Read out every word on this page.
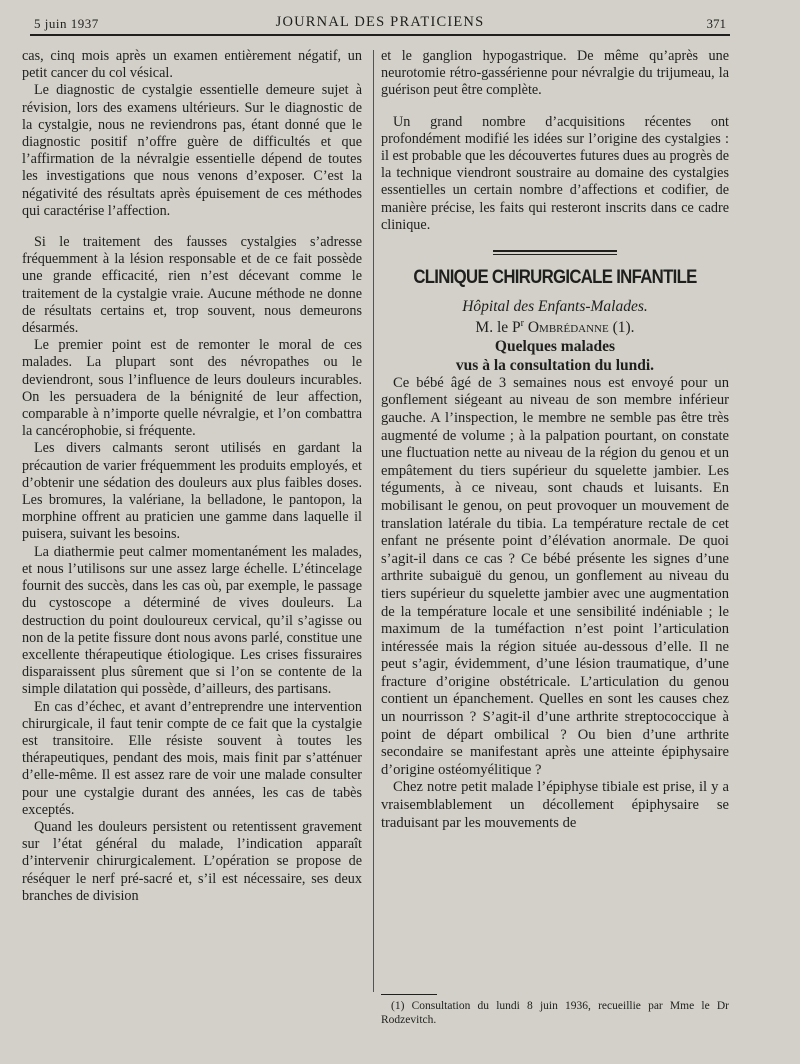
5 juin 1937	JOURNAL DES PRATICIENS	371

cas, cinq mois après un examen entièrement négatif, un petit cancer du col vésical.

Le diagnostic de cystalgie essentielle demeure sujet à révision, lors des examens ultérieurs. Sur le diagnostic de la cystalgie, nous ne reviendrons pas, étant donné que le diagnostic positif n’offre guère de difficultés et que l’affirmation de la névralgie essentielle dépend de toutes les investigations que nous venons d’exposer. C’est la négativité des résultats après épuisement de ces méthodes qui caractérise l’affection.

Si le traitement des fausses cystalgies s’adresse fréquemment à la lésion responsable et de ce fait possède une grande efficacité, rien n’est décevant comme le traitement de la cystalgie vraie. Aucune méthode ne donne de résultats certains et, trop souvent, nous demeurons désarmés.

Le premier point est de remonter le moral de ces malades. La plupart sont des névropathes ou le deviendront, sous l’influence de leurs douleurs incurables. On les persuadera de la bénignité de leur affection, comparable à n’importe quelle névralgie, et l’on combattra la cancérophobie, si fréquente.

Les divers calmants seront utilisés en gardant la précaution de varier fréquemment les produits employés, et d’obtenir une sédation des douleurs aux plus faibles doses. Les bromures, la valériane, la belladone, le pantopon, la morphine offrent au praticien une gamme dans laquelle il puisera, suivant les besoins.

La diathermie peut calmer momentanément les malades, et nous l’utilisons sur une assez large échelle. L’étincelage fournit des succès, dans les cas où, par exemple, le passage du cystoscope a déterminé de vives douleurs. La destruction du point douloureux cervical, qu’il s’agisse ou non de la petite fissure dont nous avons parlé, constitue une excellente thérapeutique étiologique. Les crises fissuraires disparaissent plus sûrement que si l’on se contente de la simple dilatation qui possède, d’ailleurs, des partisans.

En cas d’échec, et avant d’entreprendre une intervention chirurgicale, il faut tenir compte de ce fait que la cystalgie est transitoire. Elle résiste souvent à toutes les thérapeutiques, pendant des mois, mais finit par s’atténuer d’elle-même. Il est assez rare de voir une malade consulter pour une cystalgie durant des années, les cas de tabès exceptés.

Quand les douleurs persistent ou retentissent gravement sur l’état général du malade, l’indication apparaît d’intervenir chirurgicalement. L’opération se propose de réséquer le nerf pré-sacré et, s’il est nécessaire, ses deux branches de division

et le ganglion hypogastrique. De même qu’après une neurotomie rétro-gassérienne pour névralgie du trijumeau, la guérison peut être complète.

Un grand nombre d’acquisitions récentes ont profondément modifié les idées sur l’origine des cystalgies : il est probable que les découvertes futures dues au progrès de la technique viendront soustraire au domaine des cystalgies essentielles un certain nombre d’affections et codifier, de manière précise, les faits qui resteront inscrits dans ce cadre clinique.

CLINIQUE CHIRURGICALE INFANTILE

Hôpital des Enfants-Malades.

M. le $P^r$ Ombrédanne (1).

Quelques malades
vus à la consultation du lundi.

Ce bébé âgé de 3 semaines nous est envoyé pour un gonflement siégeant au niveau de son membre inférieur gauche. A l’inspection, le membre ne semble pas être très augmenté de volume ; à la palpation pourtant, on constate une fluctuation nette au niveau de la région du genou et un empâtement du tiers supérieur du squelette jambier. Les téguments, à ce niveau, sont chauds et luisants. En mobilisant le genou, on peut provoquer un mouvement de translation latérale du tibia. La température rectale de cet enfant ne présente point d’élévation anormale. De quoi s’agit-il dans ce cas ? Ce bébé présente les signes d’une arthrite subaiguë du genou, un gonflement au niveau du tiers supérieur du squelette jambier avec une augmentation de la température locale et une sensibilité indéniable ; le maximum de la tuméfaction n’est point l’articulation intéressée mais la région située au-dessous d’elle. Il ne peut s’agir, évidemment, d’une lésion traumatique, d’une fracture d’origine obstétricale. L’articulation du genou contient un épanchement. Quelles en sont les causes chez un nourrisson ? S’agit-il d’une arthrite streptococcique à point de départ ombilical ? Ou bien d’une arthrite secondaire se manifestant après une atteinte épiphysaire d’origine ostéomyélitique ?

Chez notre petit malade l’épiphyse tibiale est prise, il y a vraisemblablement un décollement épiphysaire se traduisant par les mouvements de

(1) Consultation du lundi 8 juin 1936, recueillie par Mme le Dr Rodzevitch.
